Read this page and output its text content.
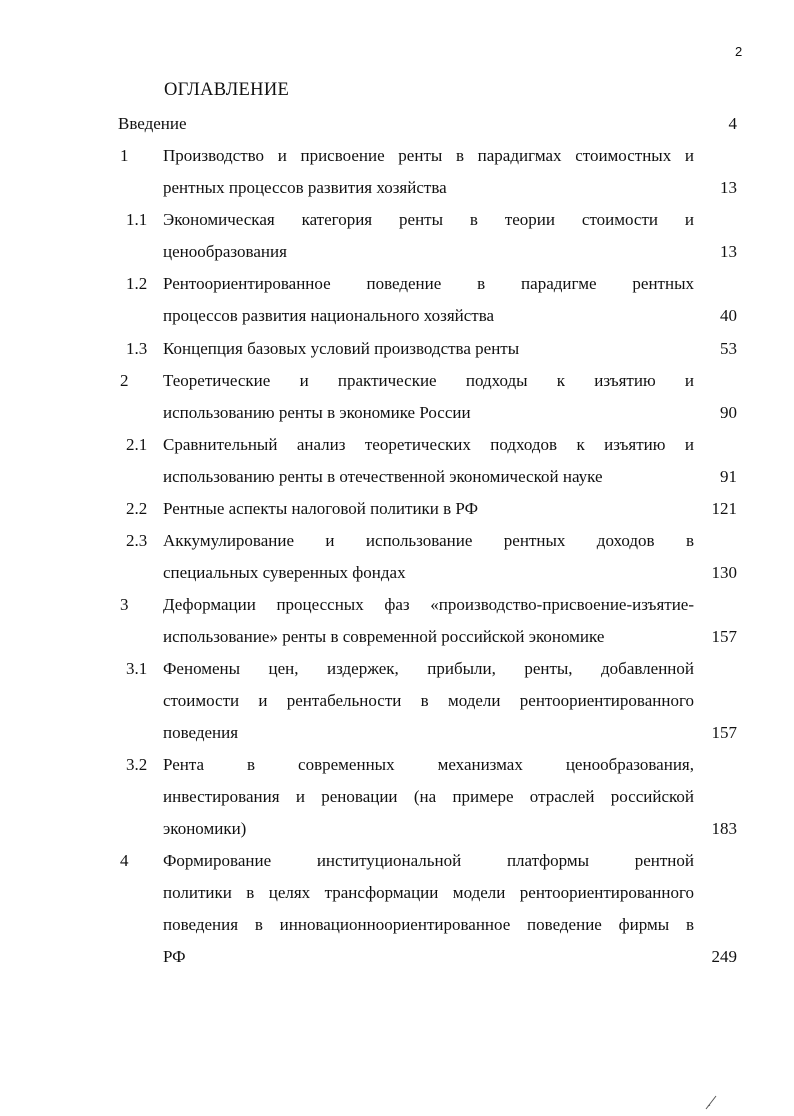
2
ОГЛАВЛЕНИЕ
Введение	4
1 Производство и присвоение ренты в парадигмах стоимостных и
рентных процессов развития хозяйства	13
1.1 Экономическая категория ренты в теории стоимости и
ценообразования	13
1.2 Рентоориентированное поведение в парадигме рентных
процессов развития национального хозяйства	40
1.3 Концепция базовых условий производства ренты	53
2 Теоретические и практические подходы к изъятию и
использованию ренты в экономике России	90
2.1 Сравнительный анализ теоретических подходов к изъятию и
использованию ренты в отечественной экономической науке	91
2.2 Рентные аспекты налоговой политики в РФ	121
2.3 Аккумулирование и использование рентных доходов в
специальных суверенных фондах	130
3 Деформации процессных фаз «производство-присвоение-изъятие-
использование» ренты в современной российской экономике	157
3.1 Феномены цен, издержек, прибыли, ренты, добавленной
стоимости и рентабельности в модели рентоориентированного
поведения	157
3.2 Рента в современных механизмах ценообразования,
инвестирования и реновации (на примере отраслей российской
экономики)	183
4 Формирование институциональной платформы рентной
политики в целях трансформации модели рентоориентированного
поведения в инновационноориентированное поведение фирмы в
РФ	249
